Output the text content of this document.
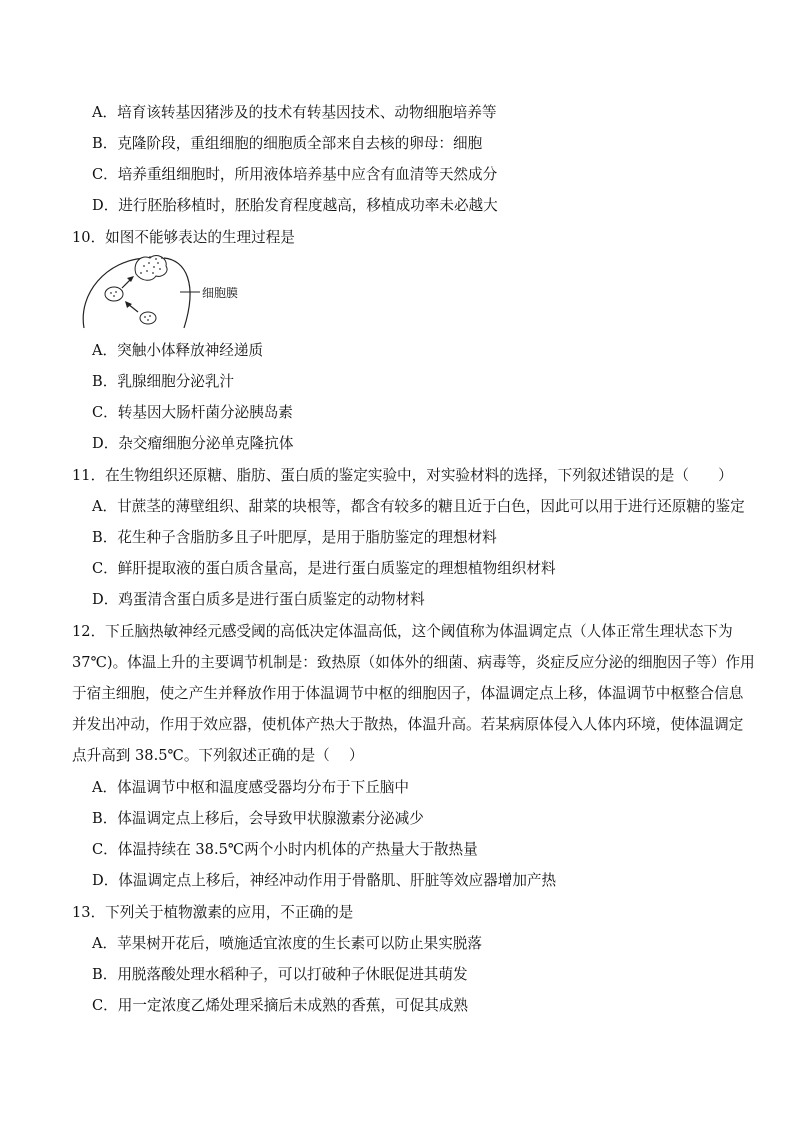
A．培育该转基因猪涉及的技术有转基因技术、动物细胞培养等
B．克隆阶段，重组细胞的细胞质全部来自去核的卵母：细胞
C．培养重组细胞时，所用液体培养基中应含有血清等天然成分
D．进行胚胎移植时，胚胎发育程度越高，移植成功率未必越大
10．如图不能够表达的生理过程是
细胞膜
A．突触小体释放神经递质
B．乳腺细胞分泌乳汁
C．转基因大肠杆菌分泌胰岛素
D．杂交瘤细胞分泌单克隆抗体
11．在生物组织还原糖、脂肪、蛋白质的鉴定实验中，对实验材料的选择，下列叙述错误的是（　　）
A．甘蔗茎的薄壁组织、甜菜的块根等，都含有较多的糖且近于白色，因此可以用于进行还原糖的鉴定
B．花生种子含脂肪多且子叶肥厚，是用于脂肪鉴定的理想材料
C．鲜肝提取液的蛋白质含量高，是进行蛋白质鉴定的理想植物组织材料
D．鸡蛋清含蛋白质多是进行蛋白质鉴定的动物材料
12．下丘脑热敏神经元感受阈的高低决定体温高低，这个阈值称为体温调定点（人体正常生理状态下为
37℃)。体温上升的主要调节机制是：致热原（如体外的细菌、病毒等，炎症反应分泌的细胞因子等）作用
于宿主细胞，使之产生并释放作用于体温调节中枢的细胞因子，体温调定点上移，体温调节中枢整合信息
并发出冲动，作用于效应器，使机体产热大于散热，体温升高。若某病原体侵入人体内环境，使体温调定
点升高到 38.5℃。下列叙述正确的是（　 ）
A．体温调节中枢和温度感受器均分布于下丘脑中
B．体温调定点上移后，会导致甲状腺激素分泌减少
C．体温持续在 38.5℃两个小时内机体的产热量大于散热量
D．体温调定点上移后，神经冲动作用于骨骼肌、肝脏等效应器增加产热
13．下列关于植物激素的应用，不正确的是
A．苹果树开花后，喷施适宜浓度的生长素可以防止果实脱落
B．用脱落酸处理水稻种子，可以打破种子休眠促进其萌发
C．用一定浓度乙烯处理采摘后未成熟的香蕉，可促其成熟
